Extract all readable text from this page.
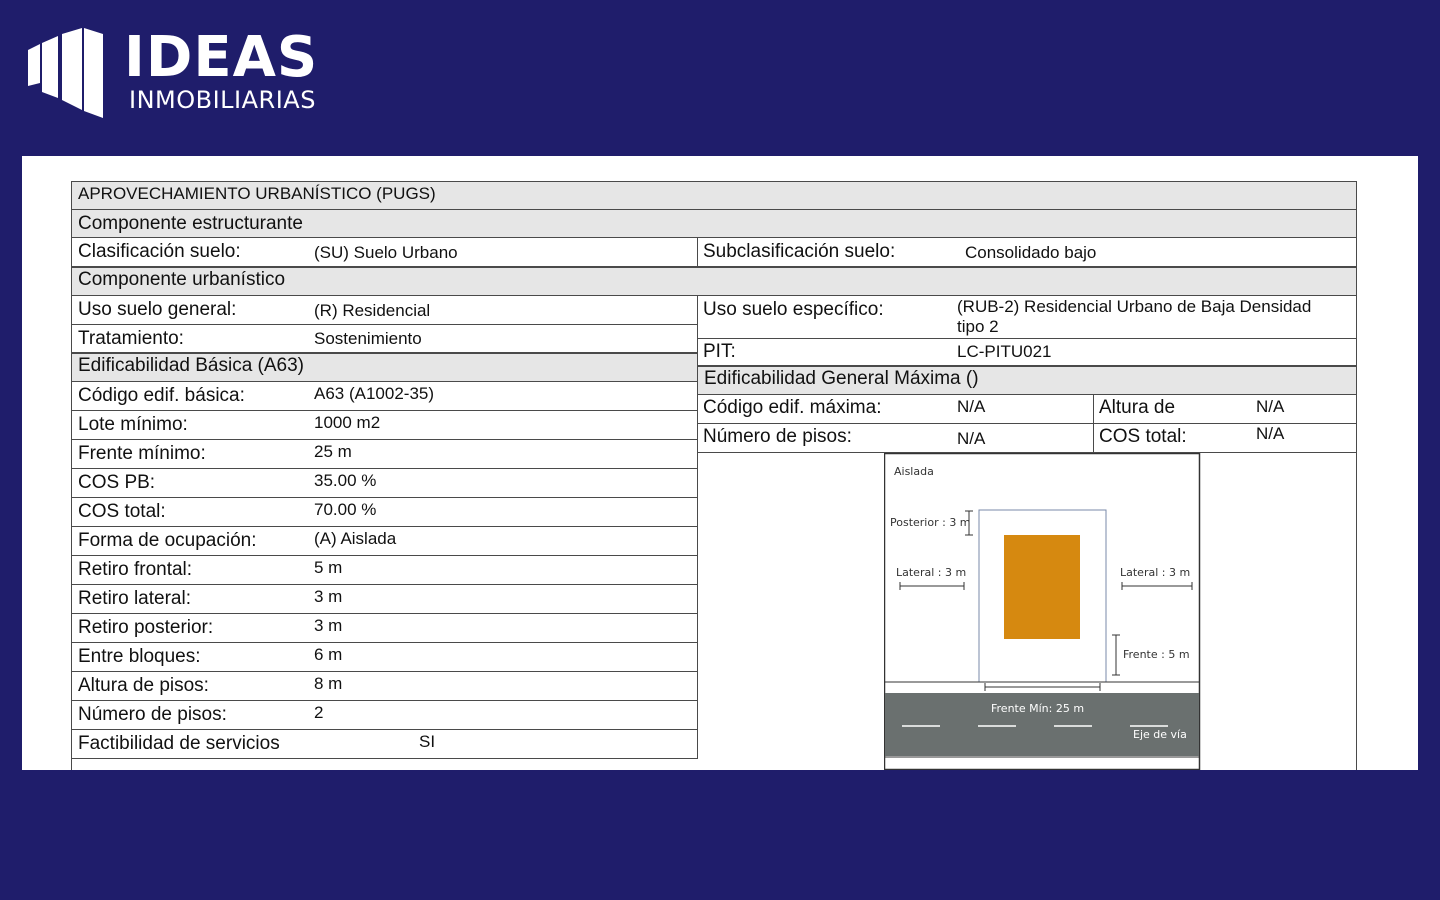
IDEAS
INMOBILIARIAS
APROVECHAMIENTO URBANÍSTICO (PUGS)
Componente estructurante
Clasificación suelo:	(SU) Suelo Urbano	Subclasificación suelo:	Consolidado bajo
Componente urbanístico
Uso suelo general:	(R) Residencial
Tratamiento:	Sostenimiento
Uso suelo específico:	(RUB-2) Residencial Urbano de Baja Densidad
tipo 2
PIT:	LC-PITU021
Edificabilidad Básica (A63)
Código edif. básica:	A63 (A1002-35)
Lote mínimo:	1000 m2
Frente mínimo:	25 m
COS PB:	35.00 %
COS total:	70.00 %
Forma de ocupación:	(A) Aislada
Retiro frontal:	5 m
Retiro lateral:	3 m
Retiro posterior:	3 m
Entre bloques:	6 m
Altura de pisos:	8 m
Número de pisos:	2
Factibilidad de servicios	SI
Edificabilidad General Máxima ()
Código edif. máxima:	N/A	Altura de	N/A
Número de pisos:	N/A	COS total:	N/A
Aislada
Posterior : 3 m
Lateral : 3 m	Lateral : 3 m
Frente : 5 m
Frente Mín: 25 m
Eje de vía
